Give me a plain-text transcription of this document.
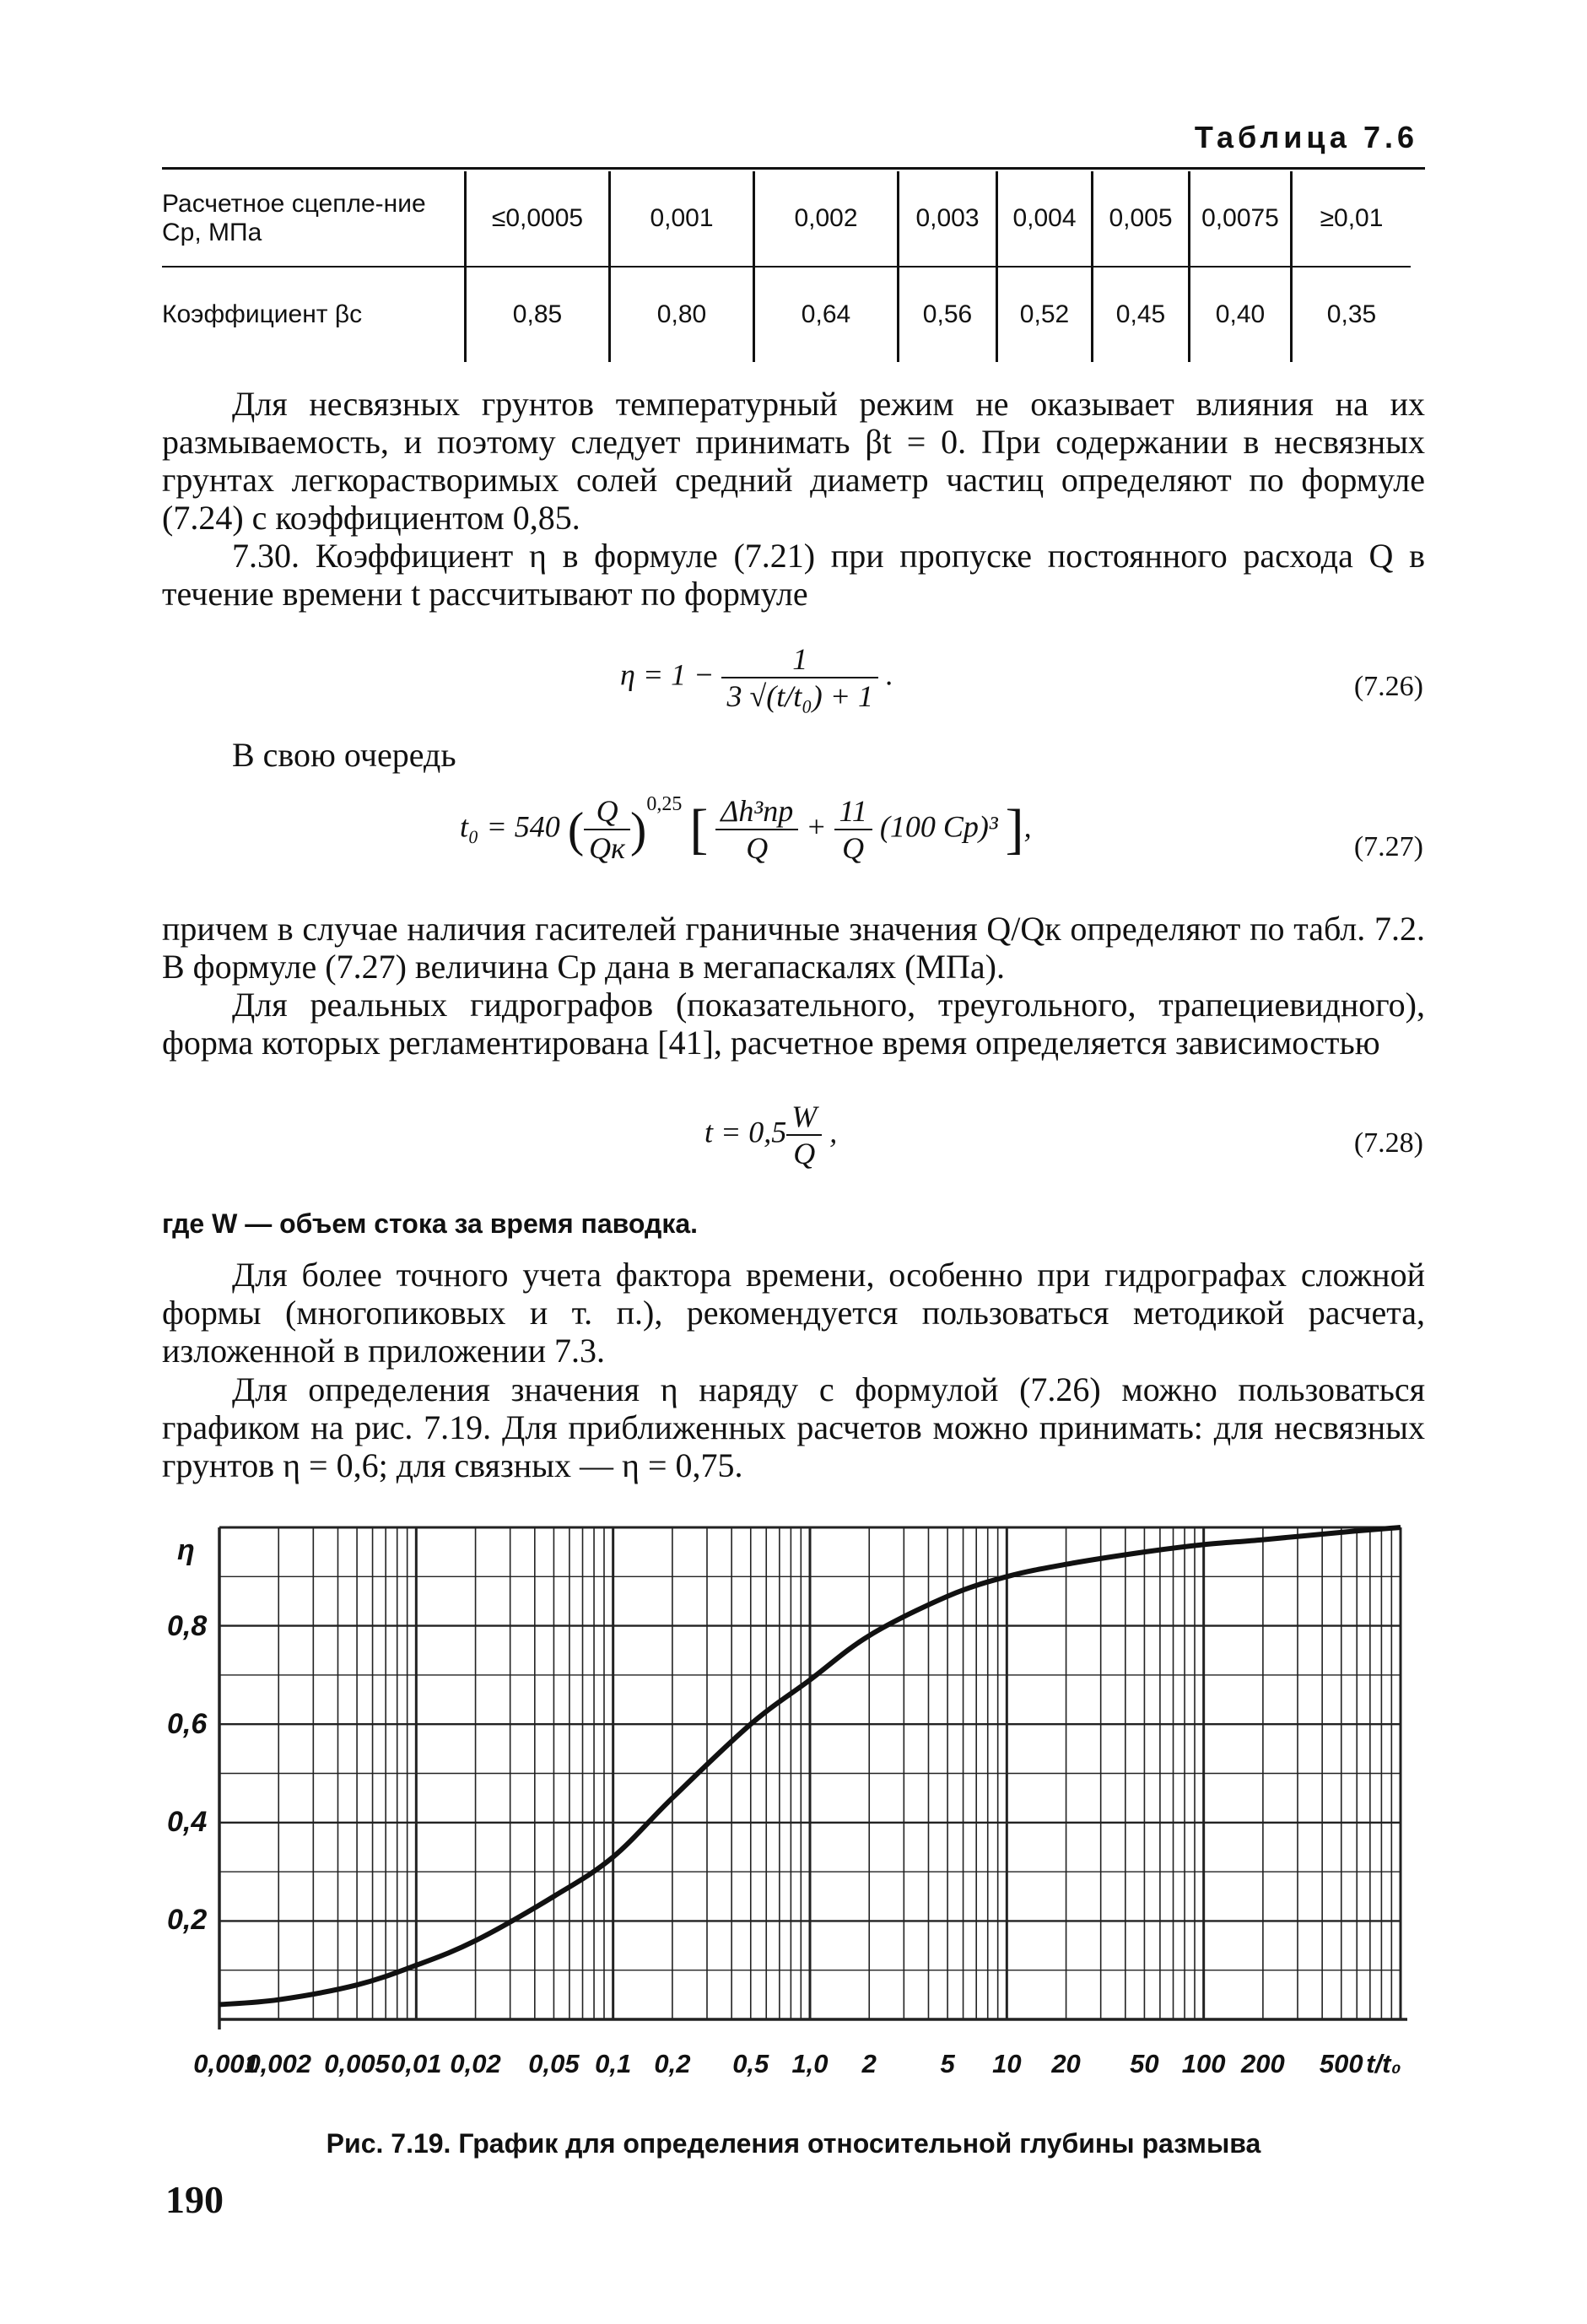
Таблица 7.6
Расчетное сцепле-ние Cр, МПа	≤0,0005	0,001	0,002	0,003	0,004	0,005	0,0075	≥0,01
Коэффициент βc	0,85	0,80	0,64	0,56	0,52	0,45	0,40	0,35
Для несвязных грунтов температурный режим не оказывает влияния на их размываемость, и поэтому следует принимать βt = 0. При содержании в несвязных грунтах легкорастворимых солей средний диаметр частиц определяют по формуле (7.24) с коэффициентом 0,85.
7.30. Коэффициент η в формуле (7.21) при пропуске постоянного расхода Q в течение времени t рассчитывают по формуле
$\eta = 1 - \frac{1}{\text{3 √(t/t₀) + 1}}$ .	(7.26)
В свою очередь
t₀ = 540 ( $\frac{Q}{Qк} )^{0,25}$ [ $\frac{\text{Δh³пр}}{Q} + \frac{11}{Q} (100$ Cр)³ ],
(7.27)
причем в случае наличия гасителей граничные значения Q/Qк определяют по табл. 7.2. В формуле (7.27) величина Cр дана в мегапаскалях (МПа).
Для реальных гидрографов (показательного, треугольного, трапециевидного), форма которых регламентирована [41], расчетное время определяется зависимостью
$t = 0,5 \frac{W}{Q}$ ,	(7.28)
где W — объем стока за время паводка.
Для более точного учета фактора времени, особенно при гидрографах сложной формы (многопиковых и т. п.), рекомендуется пользоваться методикой расчета, изложенной в приложении 7.3.
Для определения значения η наряду с формулой (7.26) можно пользоваться графиком на рис. 7.19. Для приближенных расчетов можно принимать: для несвязных грунтов η = 0,6; для связных — η = 0,75.
η
0,8
0,6
0,4
0,2
0,001
0,002 0,005 0,01 0,02 0,05 0,1 0,2 0,5 1,0 2 5 10 20 50 100 200 500 t/t₀
Рис. 7.19. График для определения относительной глубины размыва
190
